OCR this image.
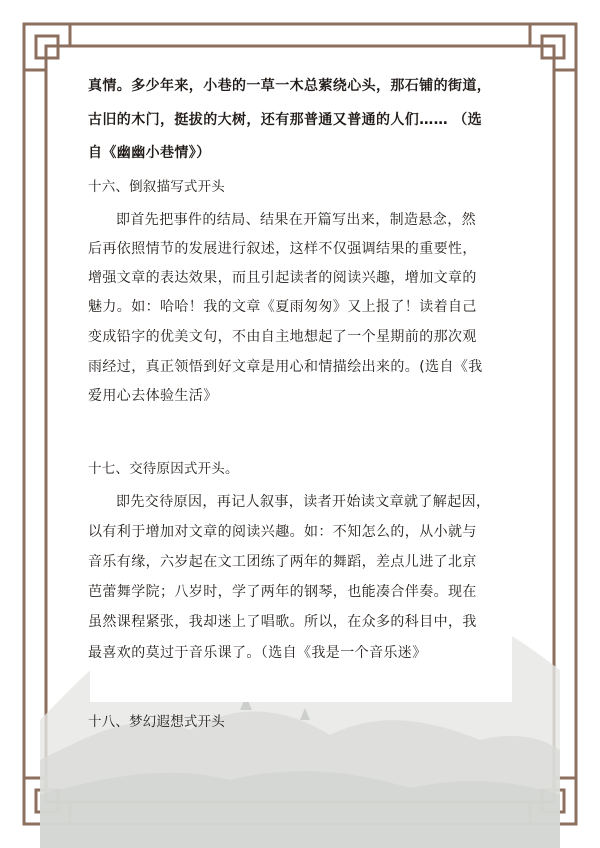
真情。多少年来，小巷的一草一木总萦绕心头，那石铺的街道，

古旧的木门，挺拔的大树，还有那普通又普通的人们…… （选

自《幽幽小巷情》）

十六、倒叙描写式开头

即首先把事件的结局、结果在开篇写出来，制造悬念，然

后再依照情节的发展进行叙述，这样不仅强调结果的重要性，

增强文章的表达效果，而且引起读者的阅读兴趣，增加文章的

魅力。如：哈哈！我的文章《夏雨匆匆》又上报了！读着自己

变成铅字的优美文句，不由自主地想起了一个星期前的那次观

雨经过，真正领悟到好文章是用心和情描绘出来的。(选自《我

爱用心去体验生活》

十七、交待原因式开头。

即先交待原因，再记人叙事，读者开始读文章就了解起因，

以有利于增加对文章的阅读兴趣。如：不知怎么的，从小就与

音乐有缘，六岁起在文工团练了两年的舞蹈，差点儿进了北京

芭蕾舞学院；八岁时，学了两年的钢琴，也能凑合伴奏。现在

虽然课程紧张，我却迷上了唱歌。所以，在众多的科目中，我

最喜欢的莫过于音乐课了。（选自《我是一个音乐迷》

十八、梦幻遐想式开头
